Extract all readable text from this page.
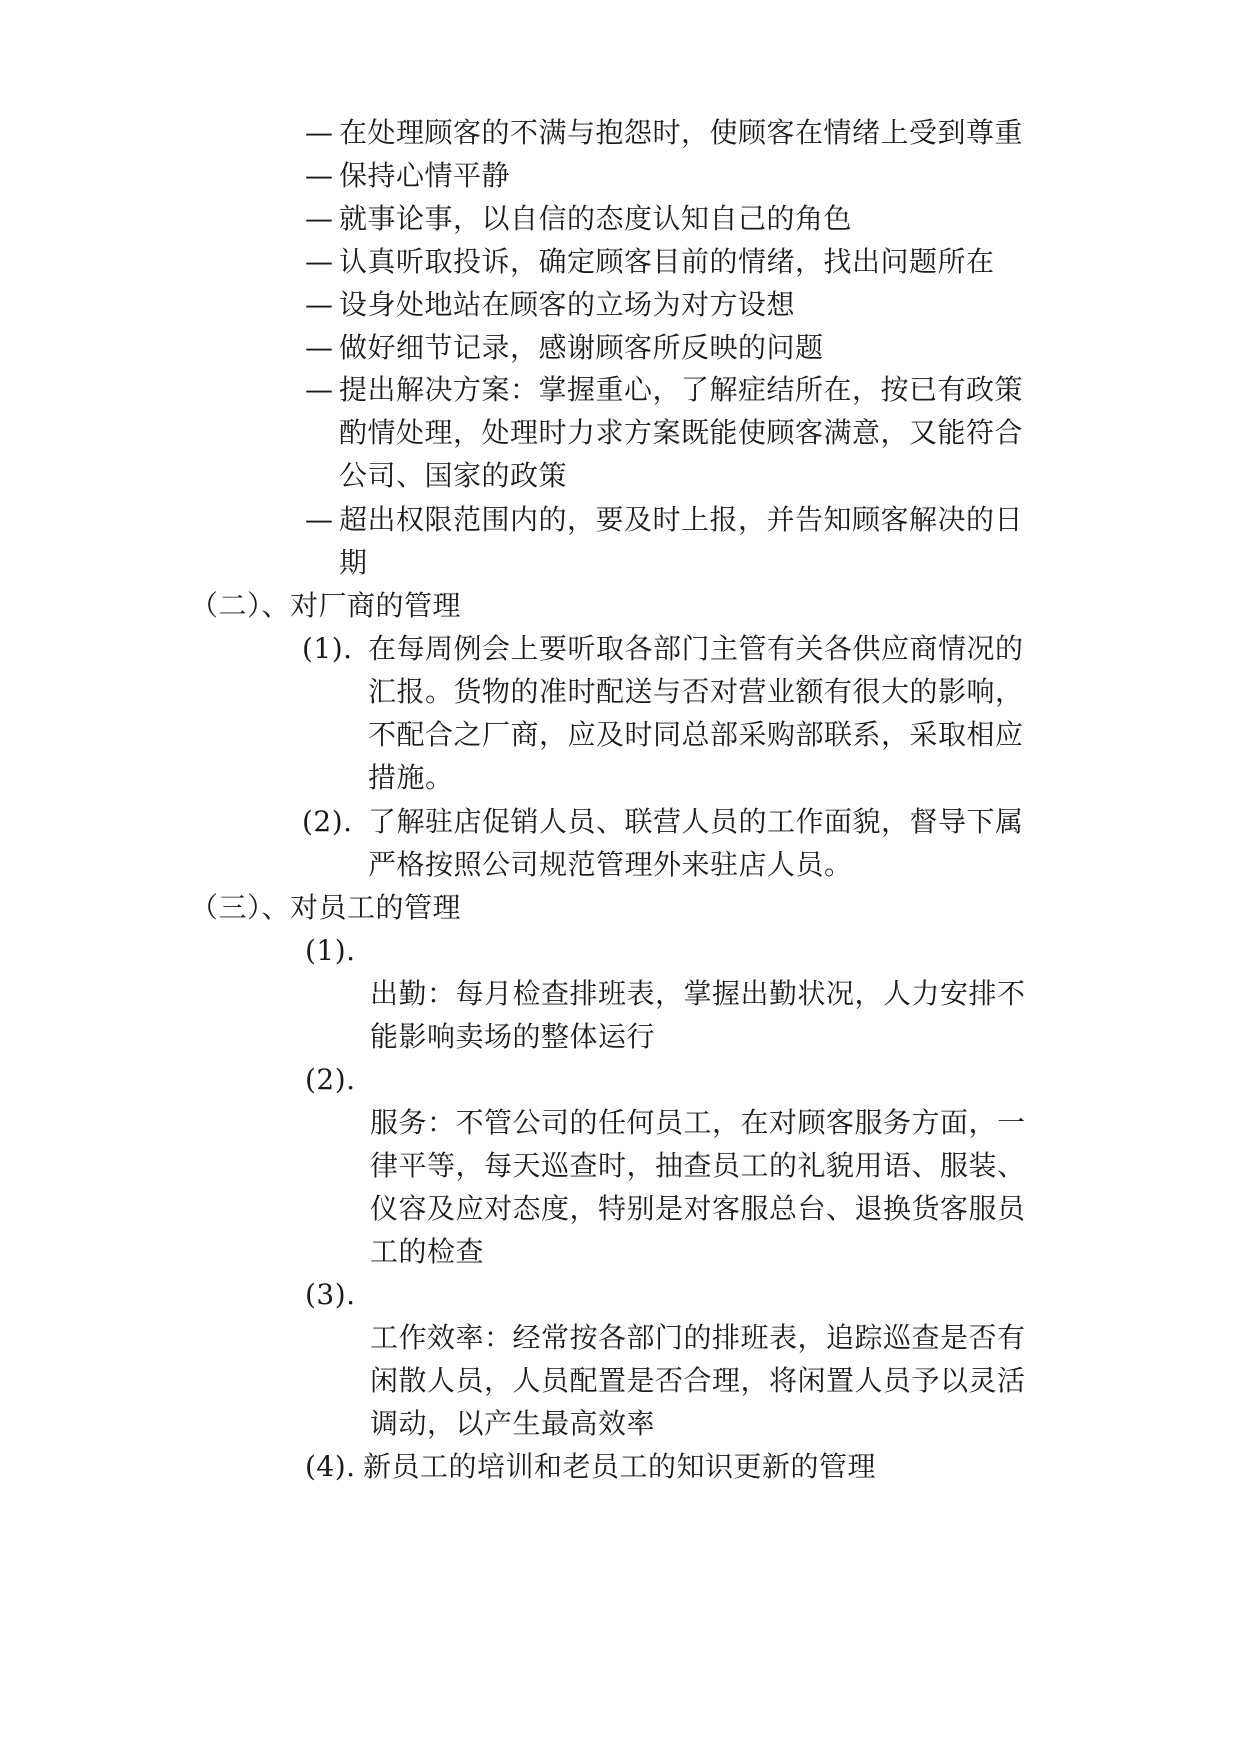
— 在处理顾客的不满与抱怨时，使顾客在情绪上受到尊重
— 保持心情平静
— 就事论事，以自信的态度认知自己的角色
— 认真听取投诉，确定顾客目前的情绪，找出问题所在
— 设身处地站在顾客的立场为对方设想
— 做好细节记录，感谢顾客所反映的问题
— 提出解决方案：掌握重心，了解症结所在，按已有政策
酌情处理，处理时力求方案既能使顾客满意，又能符合
公司、国家的政策
— 超出权限范围内的，要及时上报，并告知顾客解决的日
期
（二）、对厂商的管理
(1). 在每周例会上要听取各部门主管有关各供应商情况的
汇报。货物的准时配送与否对营业额有很大的影响，
不配合之厂商，应及时同总部采购部联系，采取相应
措施。
(2). 了解驻店促销人员、联营人员的工作面貌，督导下属
严格按照公司规范管理外来驻店人员。
（三）、对员工的管理
(1).
出勤：每月检查排班表，掌握出勤状况，人力安排不
能影响卖场的整体运行
(2).
服务：不管公司的任何员工，在对顾客服务方面，一
律平等，每天巡查时，抽查员工的礼貌用语、服装、
仪容及应对态度，特别是对客服总台、退换货客服员
工的检查
(3).
工作效率：经常按各部门的排班表，追踪巡查是否有
闲散人员，人员配置是否合理，将闲置人员予以灵活
调动，以产生最高效率
(4). 新员工的培训和老员工的知识更新的管理
